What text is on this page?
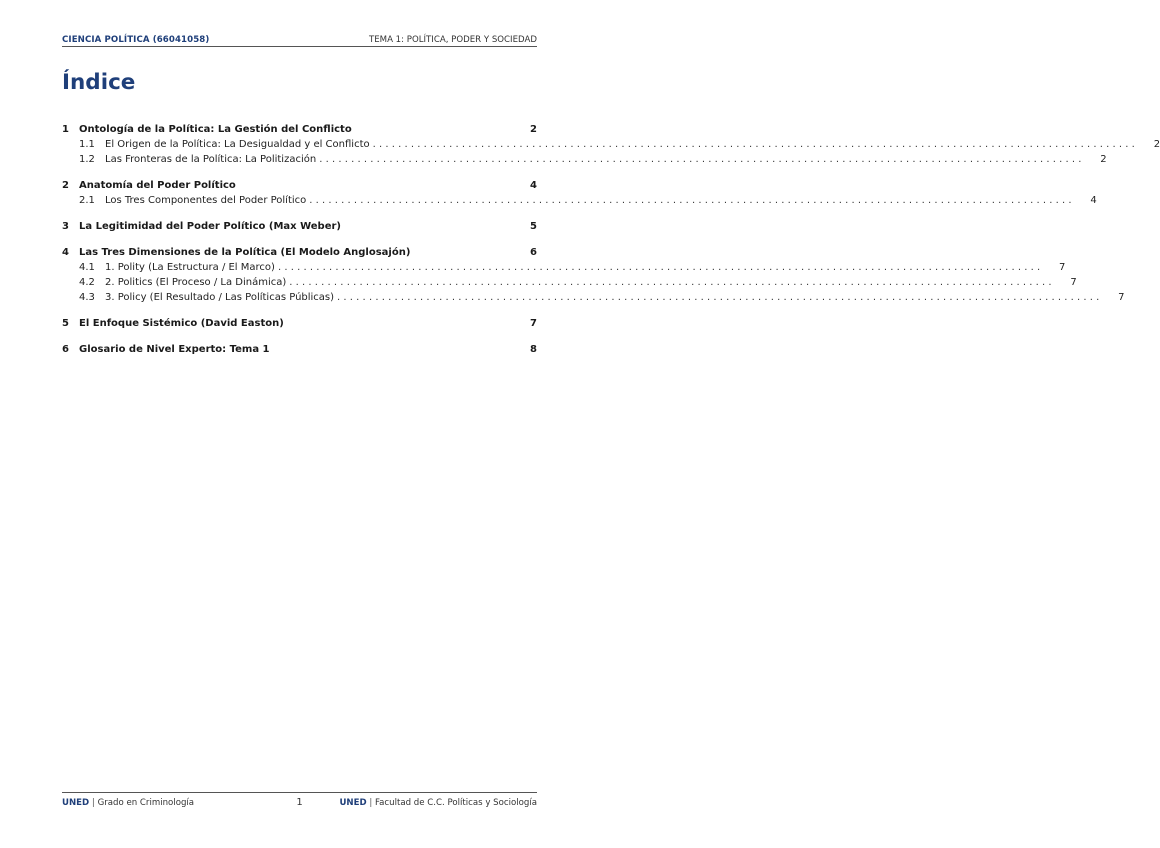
CIENCIA POLÍTICA (66041058)	TEMA 1: POLÍTICA, PODER Y SOCIEDAD
Índice
1	Ontología de la Política: La Gestión del Conflicto	2
1.1	El Origen de la Política: La Desigualdad y el Conflicto ........................................................................................................................	2
1.2	Las Fronteras de la Política: La Politización ........................................................................................................................	2
2	Anatomía del Poder Político	4
2.1	Los Tres Componentes del Poder Político ........................................................................................................................	4
3	La Legitimidad del Poder Político (Max Weber)	5
4	Las Tres Dimensiones de la Política (El Modelo Anglosajón)	6
4.1	1. Polity (La Estructura / El Marco) ........................................................................................................................	7
4.2	2. Politics (El Proceso / La Dinámica) ........................................................................................................................	7
4.3	3. Policy (El Resultado / Las Políticas Públicas) ........................................................................................................................	7
5	El Enfoque Sistémico (David Easton)	7
6	Glosario de Nivel Experto: Tema 1	8
UNED | Grado en Criminología	1	UNED | Facultad de C.C. Políticas y Sociología
